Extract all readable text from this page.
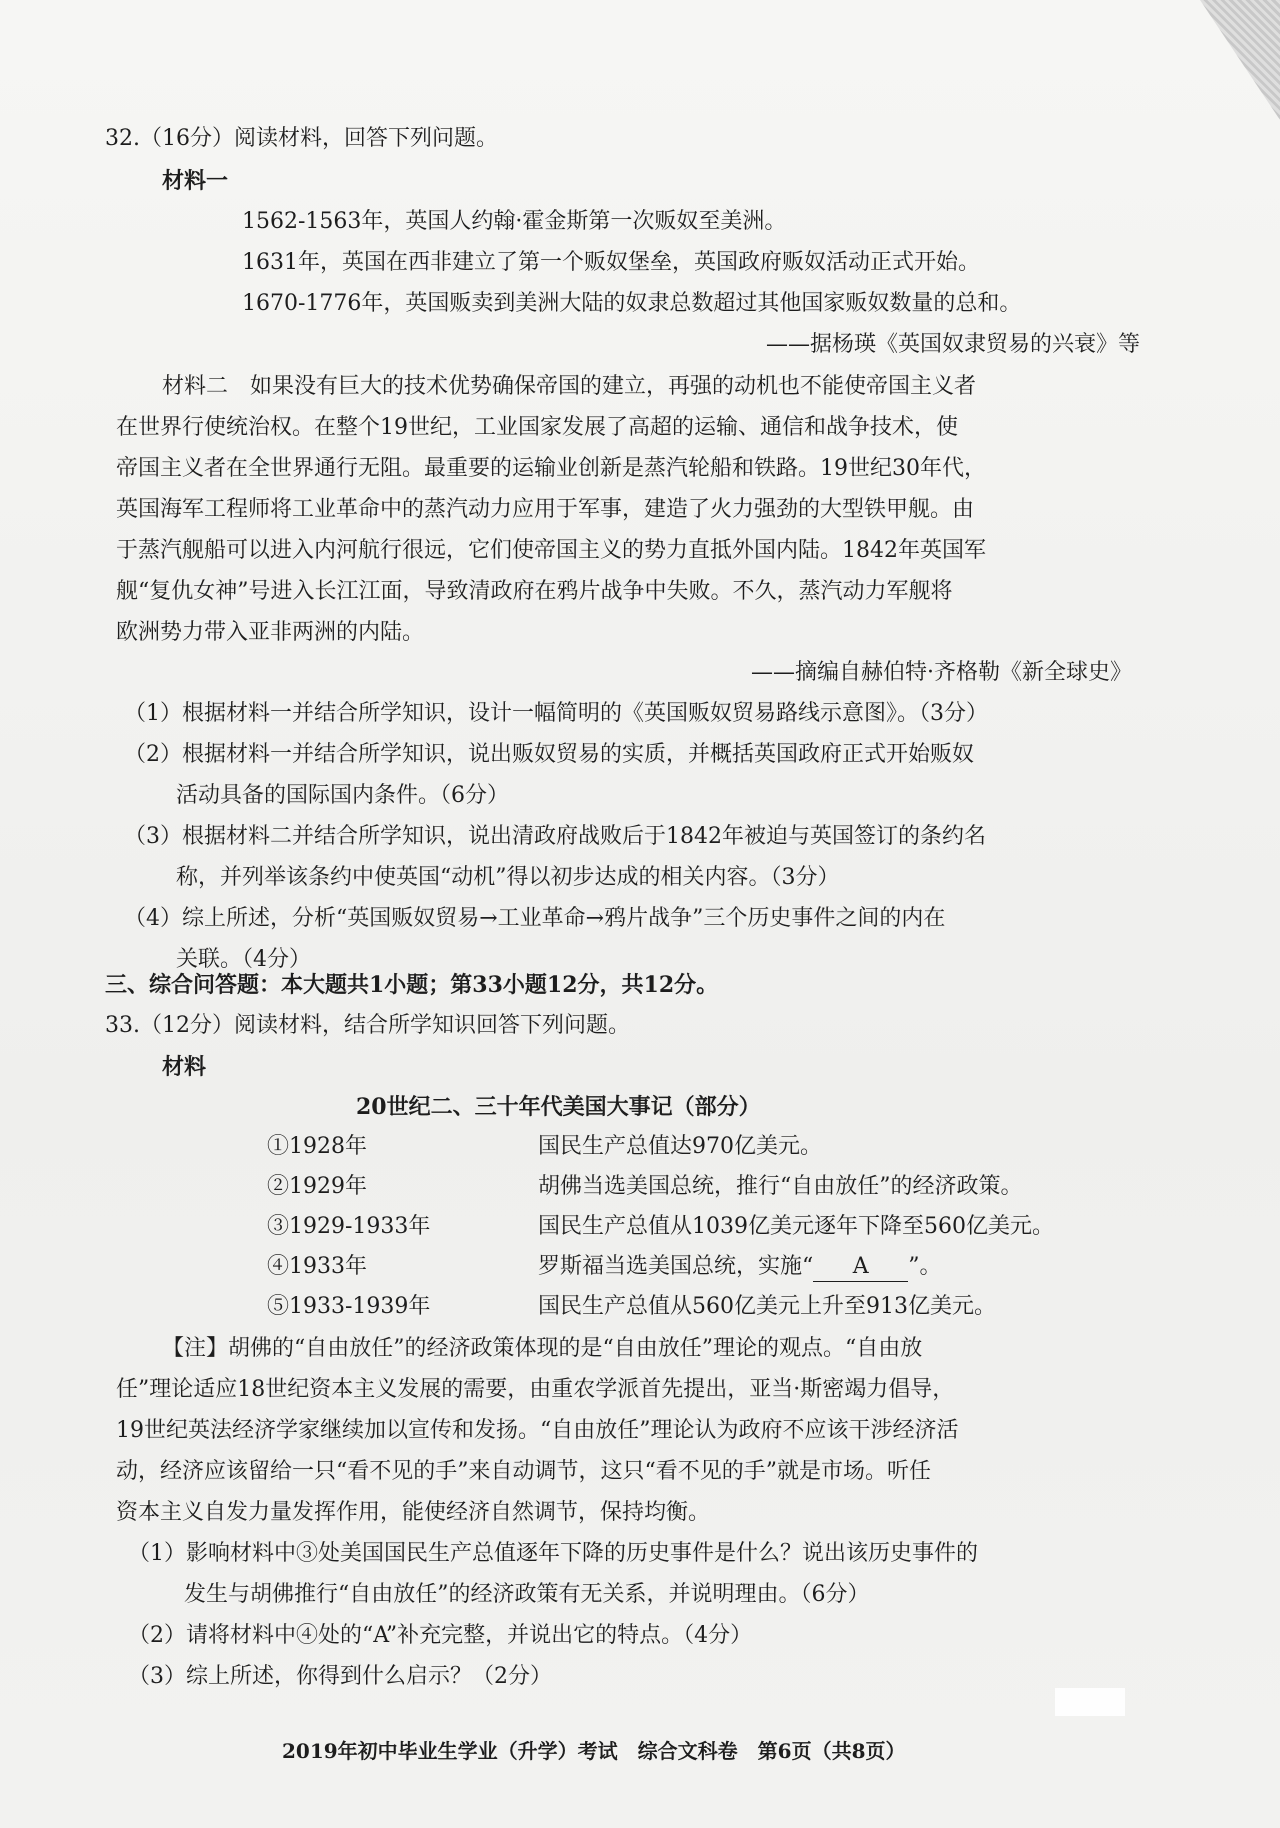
32.（16分）阅读材料，回答下列问题。
材料一
1562-1563年，英国人约翰·霍金斯第一次贩奴至美洲。
1631年，英国在西非建立了第一个贩奴堡垒，英国政府贩奴活动正式开始。
1670-1776年，英国贩卖到美洲大陆的奴隶总数超过其他国家贩奴数量的总和。
——据杨瑛《英国奴隶贸易的兴衰》等
材料二　如果没有巨大的技术优势确保帝国的建立，再强的动机也不能使帝国主义者
在世界行使统治权。在整个19世纪，工业国家发展了高超的运输、通信和战争技术，使
帝国主义者在全世界通行无阻。最重要的运输业创新是蒸汽轮船和铁路。19世纪30年代，
英国海军工程师将工业革命中的蒸汽动力应用于军事，建造了火力强劲的大型铁甲舰。由
于蒸汽舰船可以进入内河航行很远，它们使帝国主义的势力直抵外国内陆。1842年英国军
舰“复仇女神”号进入长江江面，导致清政府在鸦片战争中失败。不久，蒸汽动力军舰将
欧洲势力带入亚非两洲的内陆。
——摘编自赫伯特·齐格勒《新全球史》
（1）根据材料一并结合所学知识，设计一幅简明的《英国贩奴贸易路线示意图》。（3分）
（2）根据材料一并结合所学知识，说出贩奴贸易的实质，并概括英国政府正式开始贩奴
活动具备的国际国内条件。（6分）
（3）根据材料二并结合所学知识，说出清政府战败后于1842年被迫与英国签订的条约名
称，并列举该条约中使英国“动机”得以初步达成的相关内容。（3分）
（4）综上所述，分析“英国贩奴贸易→工业革命→鸦片战争”三个历史事件之间的内在
关联。（4分）
三、综合问答题：本大题共1小题；第33小题12分，共12分。
33.（12分）阅读材料，结合所学知识回答下列问题。
材料
20世纪二、三十年代美国大事记（部分）
①1928年	国民生产总值达970亿美元。
②1929年	胡佛当选美国总统，推行“自由放任”的经济政策。
③1929-1933年	国民生产总值从1039亿美元逐年下降至560亿美元。
④1933年	罗斯福当选美国总统，实施“ A ”。
⑤1933-1939年	国民生产总值从560亿美元上升至913亿美元。
【注】胡佛的“自由放任”的经济政策体现的是“自由放任”理论的观点。“自由放
任”理论适应18世纪资本主义发展的需要，由重农学派首先提出，亚当·斯密竭力倡导，
19世纪英法经济学家继续加以宣传和发扬。“自由放任”理论认为政府不应该干涉经济活
动，经济应该留给一只“看不见的手”来自动调节，这只“看不见的手”就是市场。听任
资本主义自发力量发挥作用，能使经济自然调节，保持均衡。
（1）影响材料中③处美国国民生产总值逐年下降的历史事件是什么？说出该历史事件的
发生与胡佛推行“自由放任”的经济政策有无关系，并说明理由。（6分）
（2）请将材料中④处的“A”补充完整，并说出它的特点。（4分）
（3）综上所述，你得到什么启示？（2分）
2019年初中毕业生学业（升学）考试　综合文科卷　第6页（共8页）
